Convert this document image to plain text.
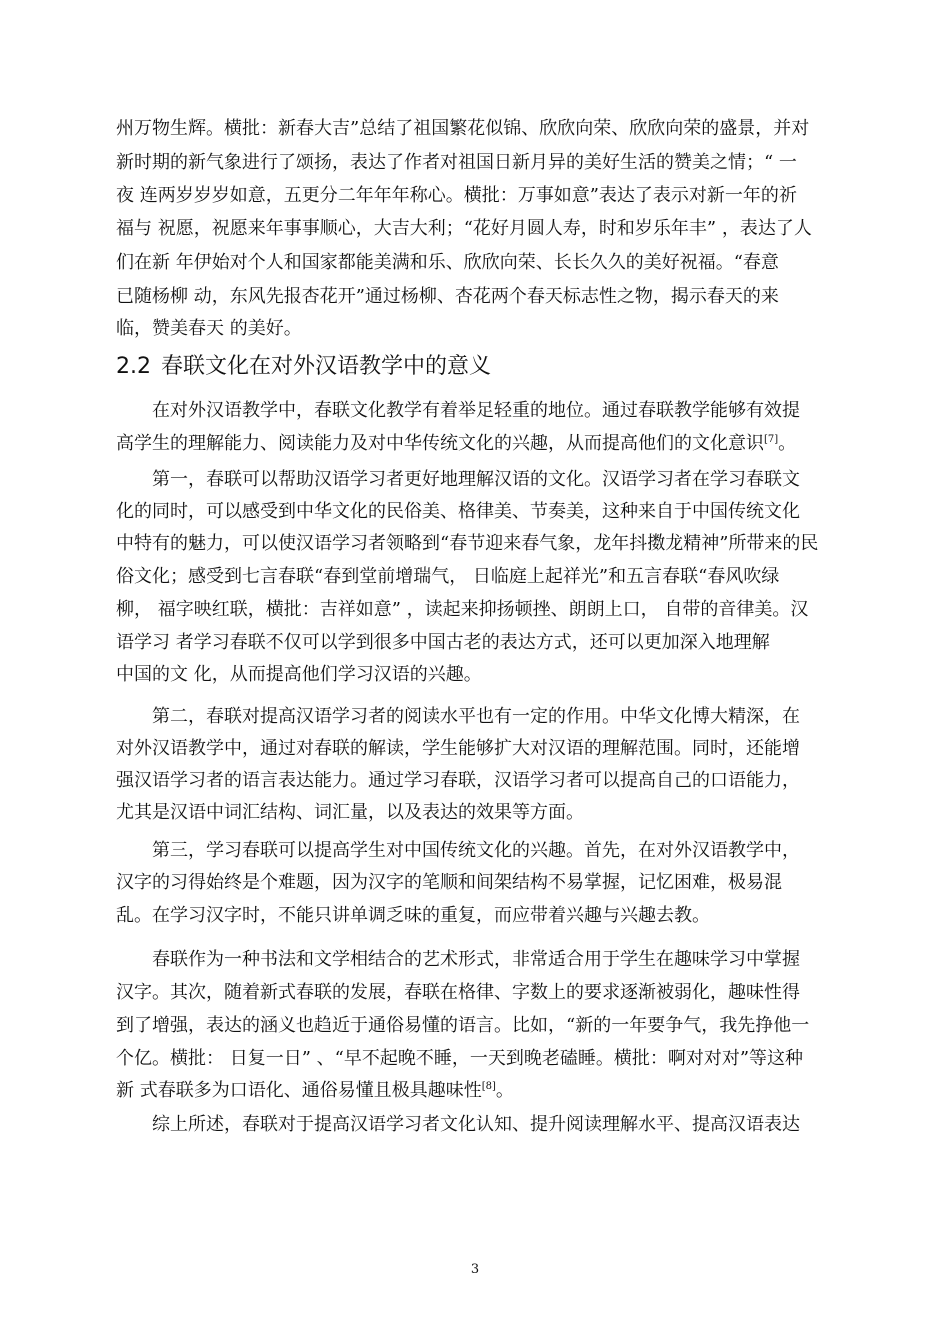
州万物生辉。横批：新春大吉”总结了祖国繁花似锦、欣欣向荣、欣欣向荣的盛景，并对
新时期的新气象进行了颂扬，表达了作者对祖国日新月异的美好生活的赞美之情；“ 一
夜 连两岁岁岁如意，五更分二年年年称心。横批：万事如意”表达了表示对新一年的祈
福与 祝愿，祝愿来年事事顺心，大吉大利；“花好月圆人寿，时和岁乐年丰” ，表达了人
们在新 年伊始对个人和国家都能美满和乐、欣欣向荣、长长久久的美好祝福。“春意
已随杨柳 动，东风先报杏花开”通过杨柳、杏花两个春天标志性之物，揭示春天的来
临，赞美春天 的美好。
2.2 春联文化在对外汉语教学中的意义
在对外汉语教学中，春联文化教学有着举足轻重的地位。通过春联教学能够有效提
高学生的理解能力、阅读能力及对中华传统文化的兴趣，从而提高他们的文化意识[7]。
第一，春联可以帮助汉语学习者更好地理解汉语的文化。汉语学习者在学习春联文
化的同时，可以感受到中华文化的民俗美、格律美、节奏美，这种来自于中国传统文化
中特有的魅力，可以使汉语学习者领略到“春节迎来春气象，龙年抖擞龙精神”所带来的民
俗文化；感受到七言春联“春到堂前增瑞气， 日临庭上起祥光”和五言春联“春风吹绿
柳， 福字映红联，横批：吉祥如意” ，读起来抑扬顿挫、朗朗上口， 自带的音律美。汉
语学习 者学习春联不仅可以学到很多中国古老的表达方式，还可以更加深入地理解
中国的文 化，从而提高他们学习汉语的兴趣。
第二，春联对提高汉语学习者的阅读水平也有一定的作用。中华文化博大精深，在
对外汉语教学中，通过对春联的解读，学生能够扩大对汉语的理解范围。同时，还能增
强汉语学习者的语言表达能力。通过学习春联，汉语学习者可以提高自己的口语能力，
尤其是汉语中词汇结构、词汇量，以及表达的效果等方面。
第三，学习春联可以提高学生对中国传统文化的兴趣。首先，在对外汉语教学中，
汉字的习得始终是个难题，因为汉字的笔顺和间架结构不易掌握，记忆困难，极易混
乱。在学习汉字时，不能只讲单调乏味的重复，而应带着兴趣与兴趣去教。
春联作为一种书法和文学相结合的艺术形式，非常适合用于学生在趣味学习中掌握
汉字。其次，随着新式春联的发展，春联在格律、字数上的要求逐渐被弱化，趣味性得
到了增强，表达的涵义也趋近于通俗易懂的语言。比如，“新的一年要争气，我先挣他一
个亿。横批： 日复一日” 、“早不起晚不睡，一天到晚老磕睡。横批：啊对对对”等这种
新 式春联多为口语化、通俗易懂且极具趣味性[8]。
综上所述，春联对于提高汉语学习者文化认知、提升阅读理解水平、提高汉语表达
3
